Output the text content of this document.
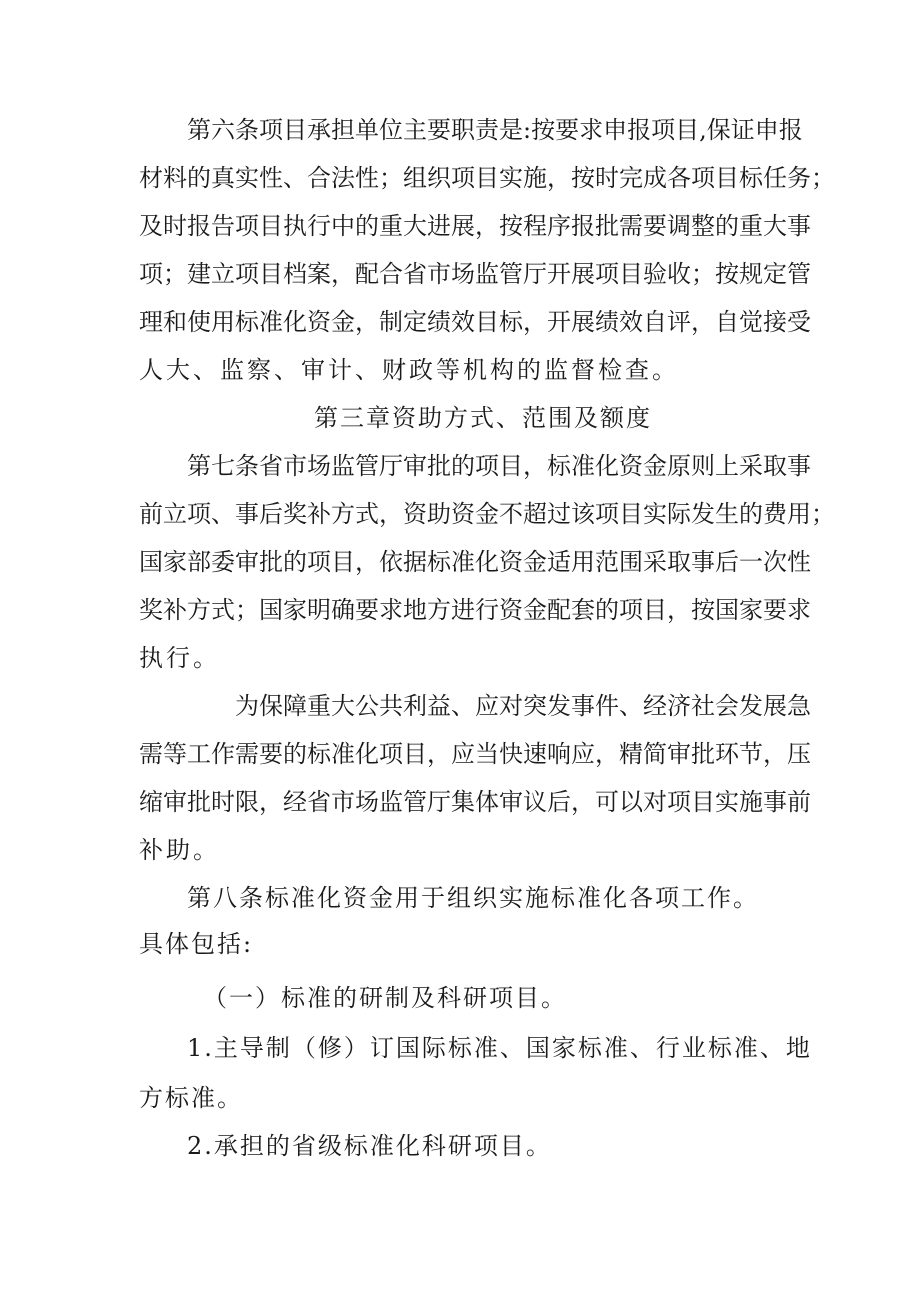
第六条项目承担单位主要职责是:按要求申报项目,保证申报
材料的真实性、合法性；组织项目实施，按时完成各项目标任务；
及时报告项目执行中的重大进展，按程序报批需要调整的重大事
项；建立项目档案，配合省市场监管厅开展项目验收；按规定管
理和使用标准化资金，制定绩效目标，开展绩效自评，自觉接受
人大、监察、审计、财政等机构的监督检查。
第三章资助方式、范围及额度
第七条省市场监管厅审批的项目，标准化资金原则上采取事
前立项、事后奖补方式，资助资金不超过该项目实际发生的费用；
国家部委审批的项目，依据标准化资金适用范围采取事后一次性
奖补方式；国家明确要求地方进行资金配套的项目，按国家要求
执行。
为保障重大公共利益、应对突发事件、经济社会发展急
需等工作需要的标准化项目，应当快速响应，精简审批环节，压
缩审批时限，经省市场监管厅集体审议后，可以对项目实施事前
补助。
第八条标准化资金用于组织实施标准化各项工作。
具体包括:
（一）标准的研制及科研项目。
1.主导制（修）订国际标准、国家标准、行业标准、地
方标准。
2.承担的省级标准化科研项目。
